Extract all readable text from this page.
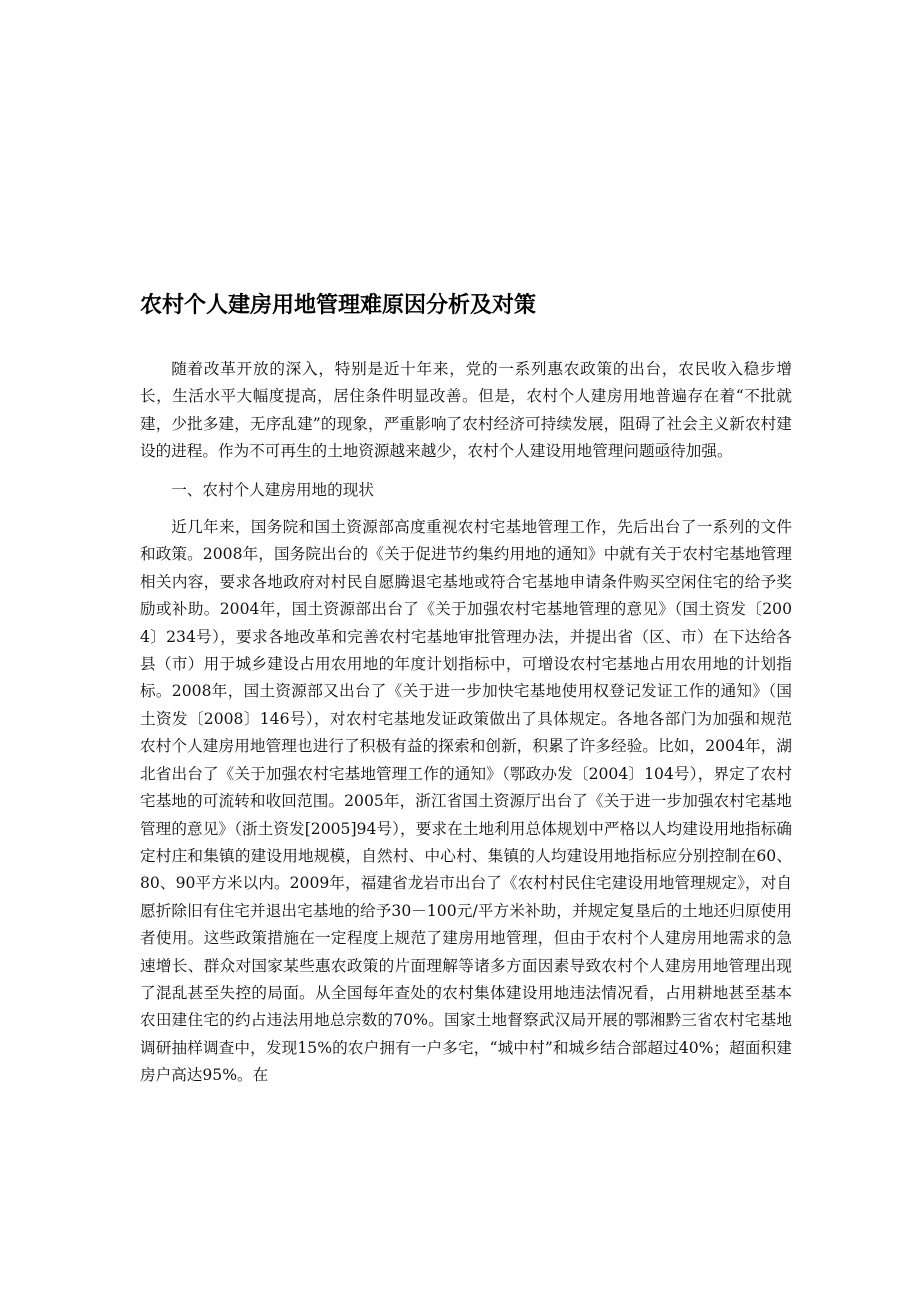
农村个人建房用地管理难原因分析及对策

随着改革开放的深入，特别是近十年来，党的一系列惠农政策的出台，农民收入稳步增长，生活水平大幅度提高，居住条件明显改善。但是，农村个人建房用地普遍存在着“不批就建，少批多建，无序乱建”的现象，严重影响了农村经济可持续发展，阻碍了社会主义新农村建设的进程。作为不可再生的土地资源越来越少，农村个人建设用地管理问题亟待加强。

一、农村个人建房用地的现状

近几年来，国务院和国土资源部高度重视农村宅基地管理工作，先后出台了一系列的文件和政策。2008年，国务院出台的《关于促进节约集约用地的通知》中就有关于农村宅基地管理相关内容，要求各地政府对村民自愿腾退宅基地或符合宅基地申请条件购买空闲住宅的给予奖励或补助。2004年，国土资源部出台了《关于加强农村宅基地管理的意见》（国土资发〔2004〕234号），要求各地改革和完善农村宅基地审批管理办法，并提出省（区、市）在下达给各县（市）用于城乡建设占用农用地的年度计划指标中，可增设农村宅基地占用农用地的计划指标。2008年，国土资源部又出台了《关于进一步加快宅基地使用权登记发证工作的通知》（国土资发〔2008〕146号），对农村宅基地发证政策做出了具体规定。各地各部门为加强和规范农村个人建房用地管理也进行了积极有益的探索和创新，积累了许多经验。比如，2004年，湖北省出台了《关于加强农村宅基地管理工作的通知》（鄂政办发〔2004〕104号），界定了农村宅基地的可流转和收回范围。2005年，浙江省国土资源厅出台了《关于进一步加强农村宅基地管理的意见》（浙土资发[2005]94号），要求在土地利用总体规划中严格以人均建设用地指标确定村庄和集镇的建设用地规模，自然村、中心村、集镇的人均建设用地指标应分别控制在60、80、90平方米以内。2009年，福建省龙岩市出台了《农村村民住宅建设用地管理规定》，对自愿折除旧有住宅并退出宅基地的给予30－100元/平方米补助，并规定复垦后的土地还归原使用者使用。这些政策措施在一定程度上规范了建房用地管理，但由于农村个人建房用地需求的急速增长、群众对国家某些惠农政策的片面理解等诸多方面因素导致农村个人建房用地管理出现了混乱甚至失控的局面。从全国每年查处的农村集体建设用地违法情况看，占用耕地甚至基本农田建住宅的约占违法用地总宗数的70%。国家土地督察武汉局开展的鄂湘黔三省农村宅基地调研抽样调查中，发现15%的农户拥有一户多宅，“城中村”和城乡结合部超过40%；超面积建房户高达95%。在
